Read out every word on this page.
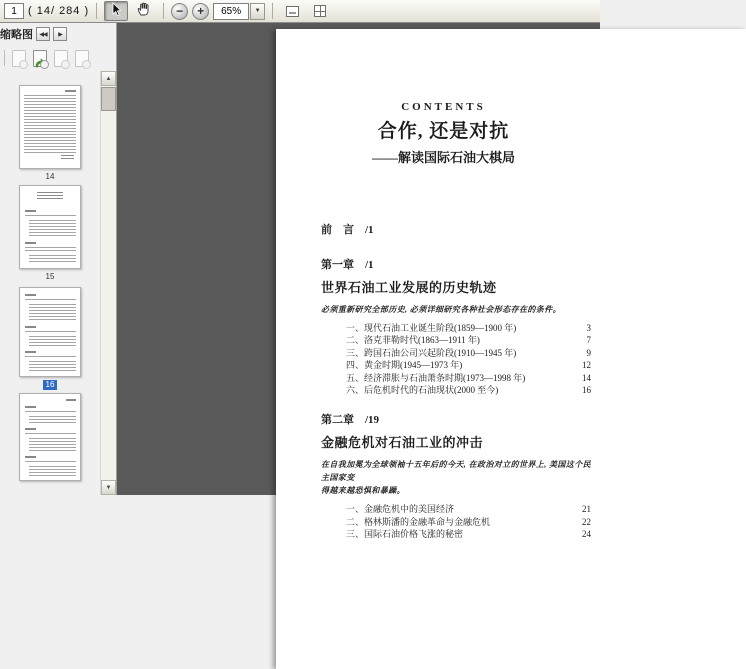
1
( 14/ 284 )	−	+	65%	▼
缩略图	◀◀	▶
14
15
16
▲
▼
CONTENTS
合作, 还是对抗
——解读国际石油大棋局
前　言　/1
第一章　/1
世界石油工业发展的历史轨迹
必须重新研究全部历史, 必须详细研究各种社会形态存在的条件。
一、现代石油工业诞生阶段(1859—1900 年)	3
二、洛克菲勒时代(1863—1911 年)	7
三、跨国石油公司兴起阶段(1910—1945 年)	9
四、黄金时期(1945—1973 年)	12
五、经济滞胀与石油萧条时期(1973—1998 年)	14
六、后危机时代的石油现状(2000 至今)	16
第二章　/19
金融危机对石油工业的冲击
在自我加冕为全球领袖十五年后的今天, 在政治对立的世界上, 美国这个民主国家变
得越来越恐惧和暴躁。
一、金融危机中的美国经济	21
二、格林斯潘的金融革命与金融危机	22
三、国际石油价格飞涨的秘密	24
